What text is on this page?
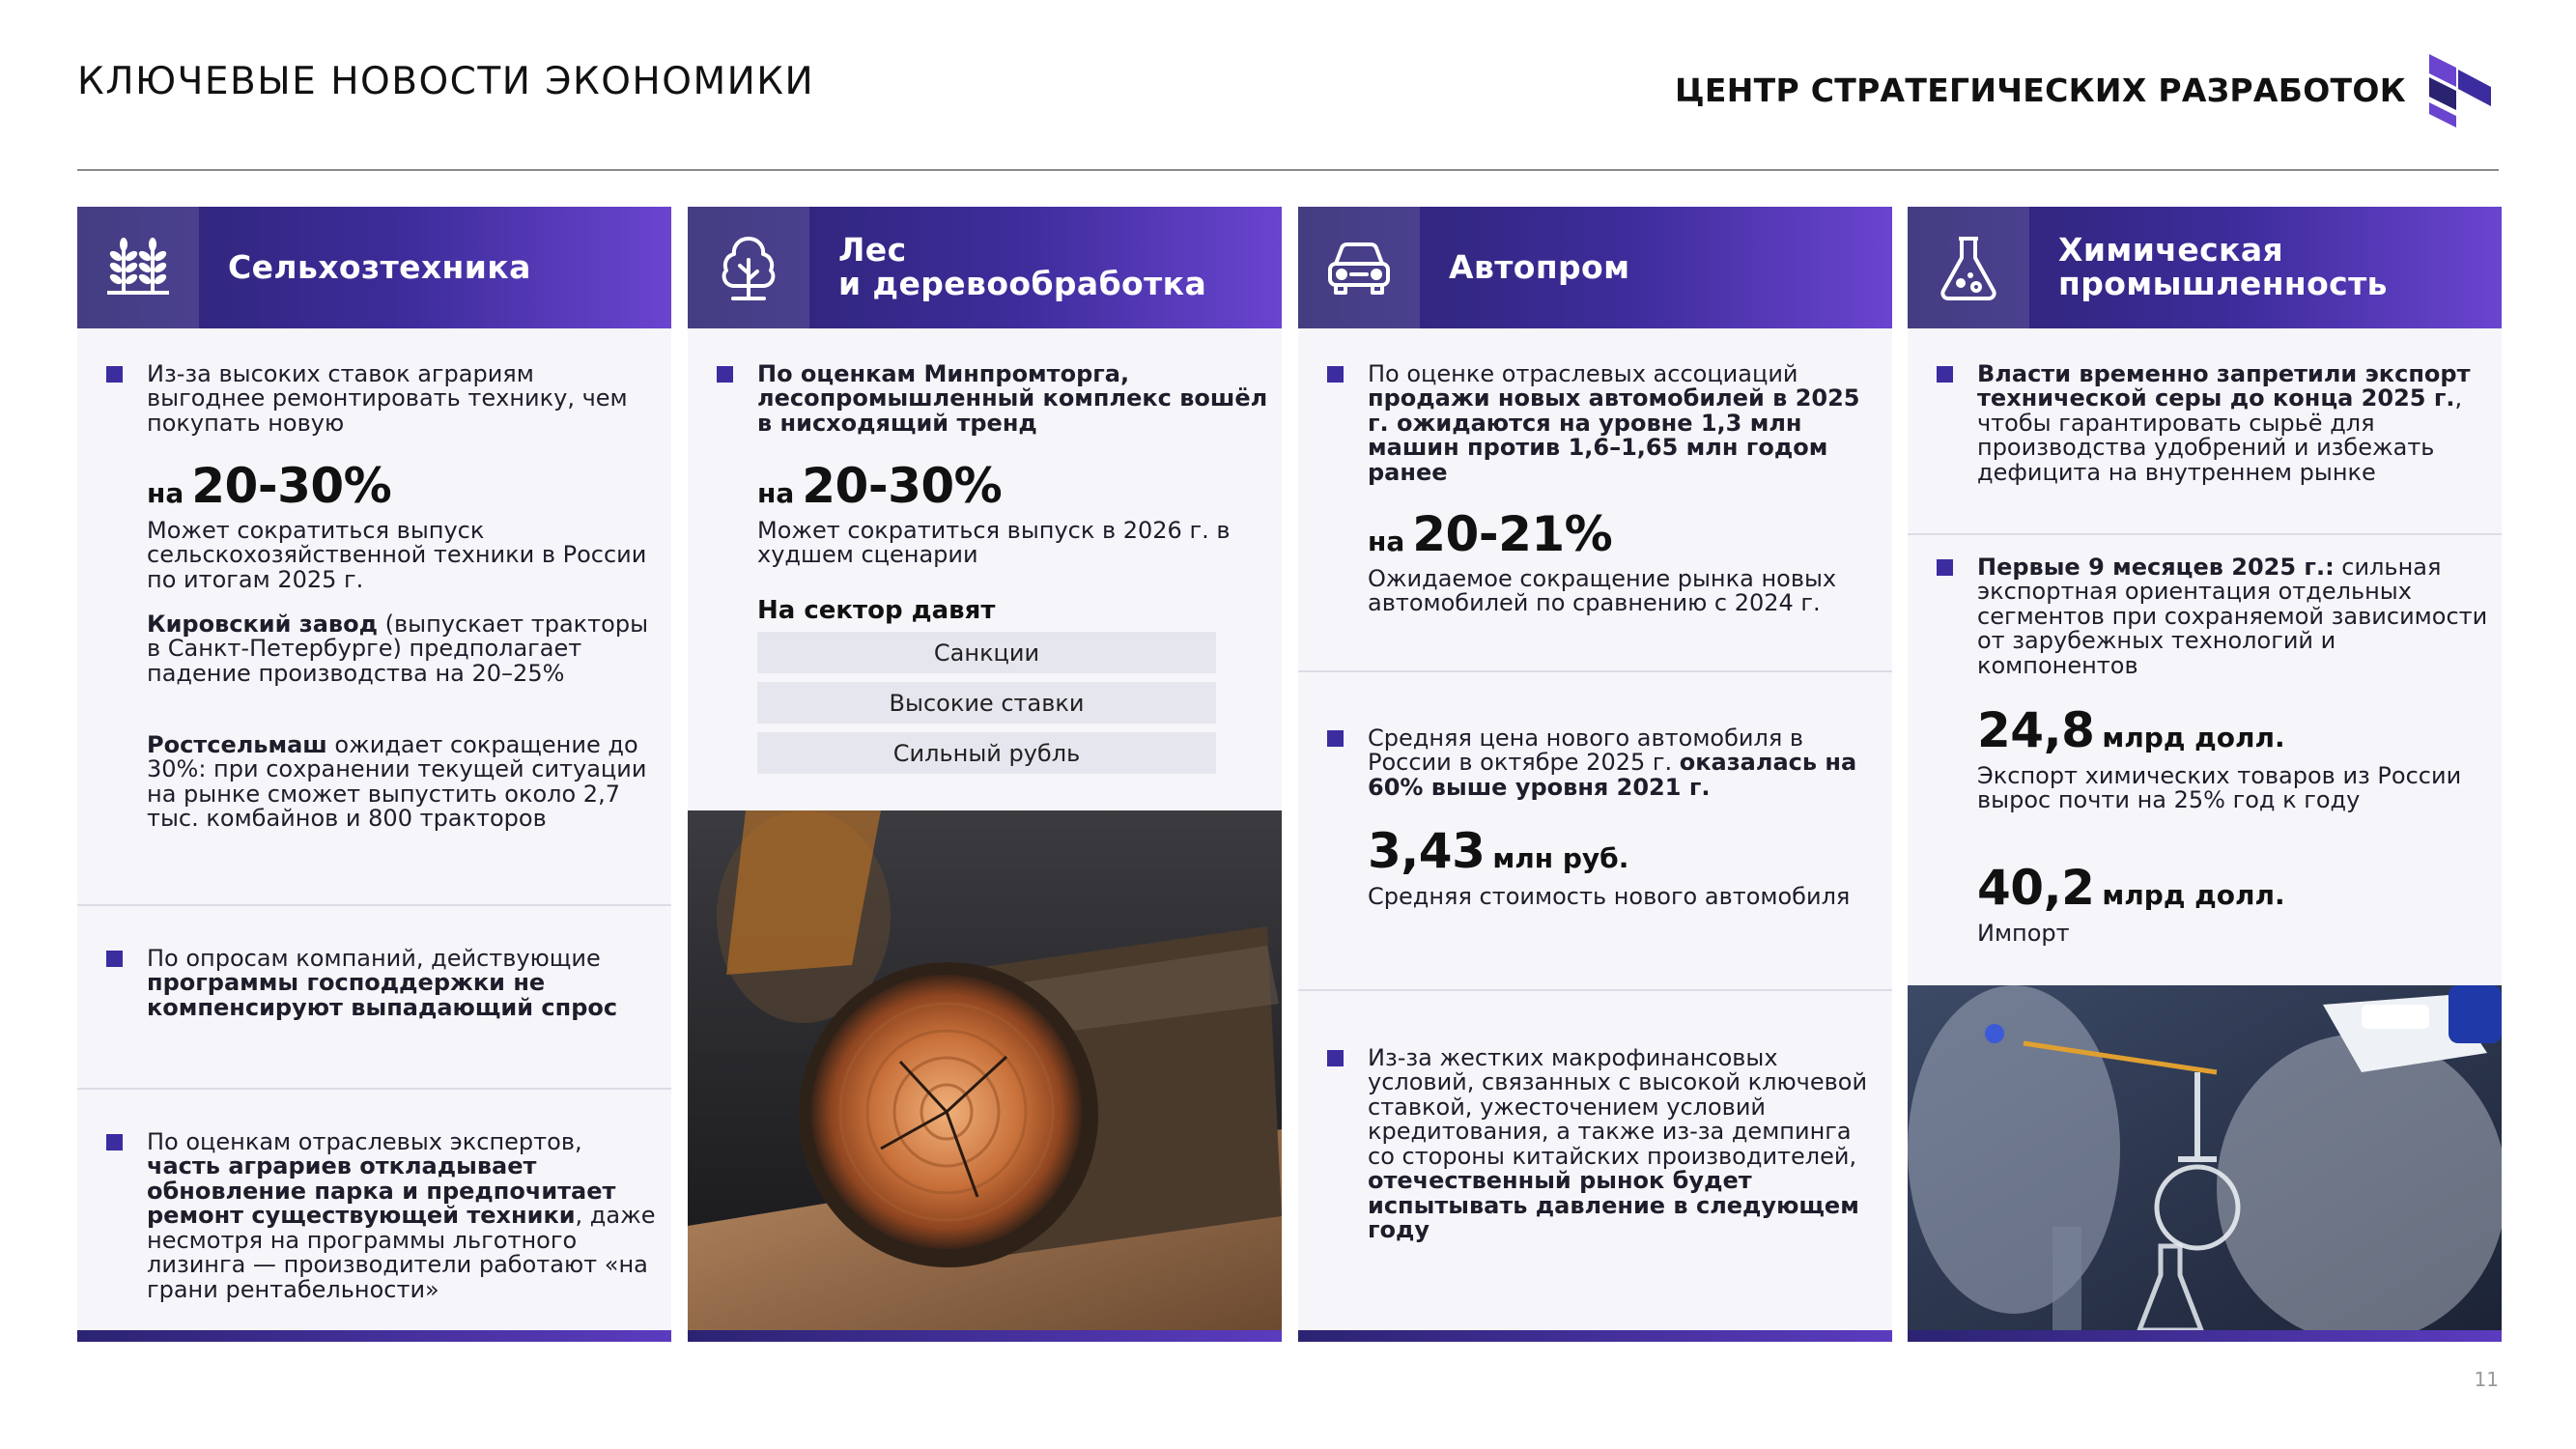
КЛЮЧЕВЫЕ НОВОСТИ ЭКОНОМИКИ	ЦЕНТР СТРАТЕГИЧЕСКИХ РАЗРАБОТОК
Сельхозтехника
Из-за высоких ставок аграриям выгоднее ремонтировать технику, чем покупать новую
на 20-30%
Может сократиться выпуск сельскохозяйственной техники в России по итогам 2025 г.
Кировский завод (выпускает тракторы в Санкт-Петербурге) предполагает падение производства на 20–25%
Ростсельмаш ожидает сокращение до 30%: при сохранении текущей ситуации на рынке сможет выпустить около 2,7 тыс. комбайнов и 800 тракторов
По опросам компаний, действующие программы господдержки не компенсируют выпадающий спрос
По оценкам отраслевых экспертов, часть аграриев откладывает обновление парка и предпочитает ремонт существующей техники, даже несмотря на программы льготного лизинга — производители работают «на грани рентабельности»
Лес
и деревообработка
По оценкам Минпромторга, лесопромышленный комплекс вошёл в нисходящий тренд
на 20-30%
Может сократиться выпуск в 2026 г. в худшем сценарии
На сектор давят
Санкции
Высокие ставки
Сильный рубль
Автопром
По оценке отраслевых ассоциаций продажи новых автомобилей в 2025 г. ожидаются на уровне 1,3 млн машин против 1,6–1,65 млн годом ранее
на 20-21%
Ожидаемое сокращение рынка новых автомобилей по сравнению с 2024 г.
Средняя цена нового автомобиля в России в октябре 2025 г. оказалась на 60% выше уровня 2021 г.
3,43 млн руб.
Средняя стоимость нового автомобиля
Из-за жестких макрофинансовых условий, связанных с высокой ключевой ставкой, ужесточением условий кредитования, а также из-за демпинга со стороны китайских производителей, отечественный рынок будет испытывать давление в следующем году
Химическая
промышленность
Власти временно запретили экспорт технической серы до конца 2025 г., чтобы гарантировать сырьё для производства удобрений и избежать дефицита на внутреннем рынке
Первые 9 месяцев 2025 г.: сильная экспортная ориентация отдельных сегментов при сохраняемой зависимости от зарубежных технологий и компонентов
24,8 млрд долл.
Экспорт химических товаров из России вырос почти на 25% год к году
40,2 млрд долл.
Импорт
11
